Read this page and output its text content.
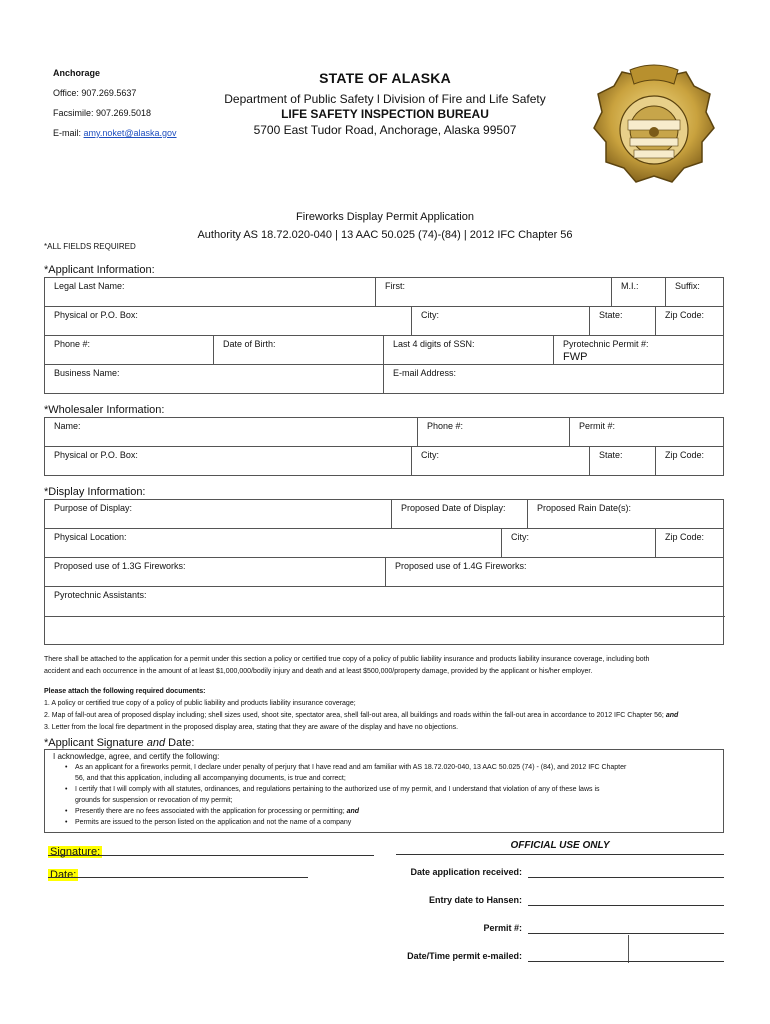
Anchorage
Office: 907.269.5637
Facsimile: 907.269.5018
E-mail: amy.noket@alaska.gov
STATE OF ALASKA
Department of Public Safety l Division of Fire and Life Safety
LIFE SAFETY INSPECTION BUREAU
5700 East Tudor Road, Anchorage, Alaska 99507
Fireworks Display Permit Application
Authority AS 18.72.020-040 | 13 AAC 50.025 (74)-(84) | 2012 IFC Chapter 56
*ALL FIELDS REQUIRED
*Applicant Information:
Legal Last Name:	First:	M.I.:	Suffix:
Physical or P.O. Box:	City:	State:	Zip Code:
Phone #:	Date of Birth:	Last 4 digits of SSN:	Pyrotechnic Permit #:
FWP
Business Name:	E-mail Address:
*Wholesaler Information:
Name:	Phone #:	Permit #:
Physical or P.O. Box:	City:	State:	Zip Code:
*Display Information:
Purpose of Display:	Proposed Date of Display:	Proposed Rain Date(s):
Physical Location:	City:	Zip Code:
Proposed use of 1.3G Fireworks:	Proposed use of 1.4G Fireworks:
Pyrotechnic Assistants:
There shall be attached to the application for a permit under this section a policy or certified true copy of a policy of public liability insurance and products liability insurance coverage, including both
accident and each occurrence in the amount of at least $1,000,000/bodily injury and death and at least $500,000/property damage, provided by the applicant or his/her employer.
Please attach the following required documents:
1. A policy or certified true copy of a policy of public liability and products liability insurance coverage;
2. Map of fall-out area of proposed display including; shell sizes used, shoot site, spectator area, shell fall-out area, all buildings and roads within the fall-out area in accordance to 2012 IFC Chapter 56; and
3. Letter from the local fire department in the proposed display area, stating that they are aware of the display and have no objections.
*Applicant Signature and Date:
I acknowledge, agree, and certify the following:
• As an applicant for a fireworks permit, I declare under penalty of perjury that I have read and am familiar with AS 18.72.020-040, 13 AAC 50.025 (74) - (84), and 2012 IFC Chapter
56, and that this application, including all accompanying documents, is true and correct;
• I certify that I will comply with all statutes, ordinances, and regulations pertaining to the authorized use of my permit, and I understand that violation of any of these laws is
grounds for suspension or revocation of my permit;
• Presently there are no fees associated with the application for processing or permitting; and
• Permits are issued to the person listed on the application and not the name of a company
Signature:
Date:
OFFICIAL USE ONLY
Date application received:
Entry date to Hansen:
Permit #:
Date/Time permit e-mailed:
